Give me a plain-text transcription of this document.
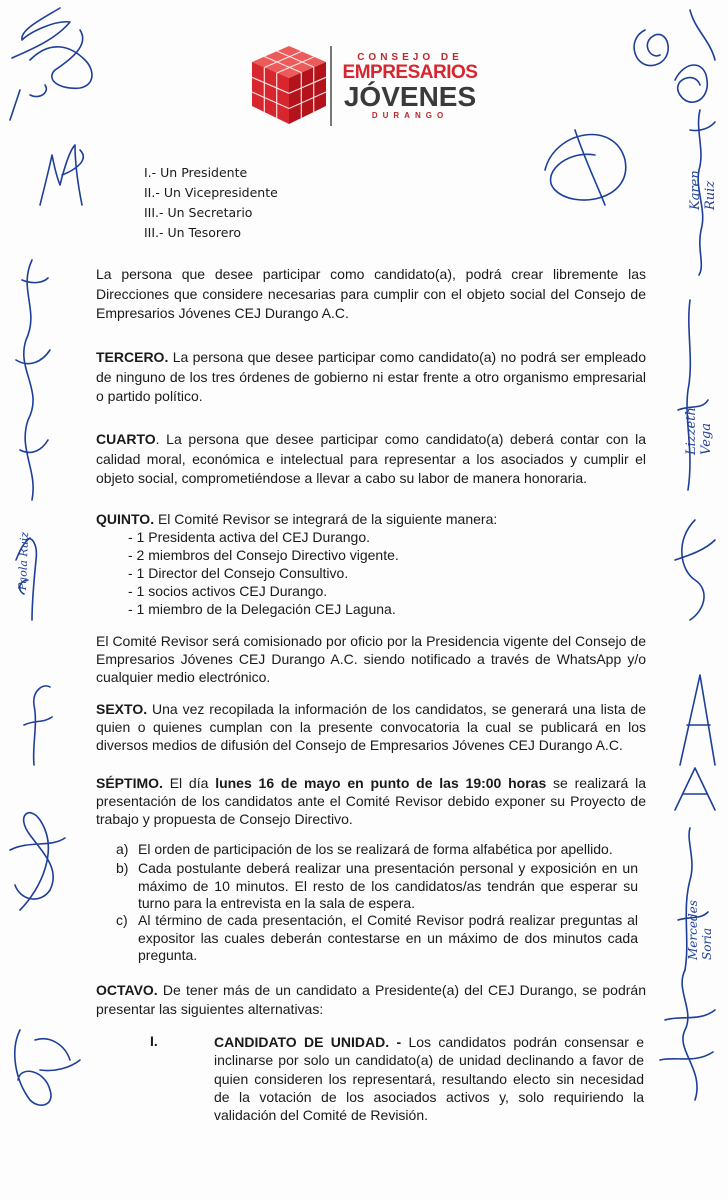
CONSEJO DE
EMPRESARIOS
JÓVENES
DURANGO
I.- Un Presidente
II.- Un Vicepresidente
III.- Un Secretario
III.- Un Tesorero
La persona que desee participar como candidato(a), podrá crear libremente las Direcciones que considere necesarias para cumplir con el objeto social del Consejo de Empresarios Jóvenes CEJ Durango A.C.
TERCERO. La persona que desee participar como candidato(a) no podrá ser empleado de ninguno de los tres órdenes de gobierno ni estar frente a otro organismo empresarial o partido político.
CUARTO. La persona que desee participar como candidato(a) deberá contar con la calidad moral, económica e intelectual para representar a los asociados y cumplir el objeto social, comprometiéndose a llevar a cabo su labor de manera honoraria.
QUINTO. El Comité Revisor se integrará de la siguiente manera:
- 1 Presidenta activa del CEJ Durango.
- 2 miembros del Consejo Directivo vigente.
- 1 Director del Consejo Consultivo.
- 1 socios activos CEJ Durango.
- 1 miembro de la Delegación CEJ Laguna.
El Comité Revisor será comisionado por oficio por la Presidencia vigente del Consejo de Empresarios Jóvenes CEJ Durango A.C. siendo notificado a través de WhatsApp y/o cualquier medio electrónico.
SEXTO. Una vez recopilada la información de los candidatos, se generará una lista de quien o quienes cumplan con la presente convocatoria la cual se publicará en los diversos medios de difusión del Consejo de Empresarios Jóvenes CEJ Durango A.C.
SÉPTIMO. El día lunes 16 de mayo en punto de las 19:00 horas se realizará la presentación de los candidatos ante el Comité Revisor debido exponer su Proyecto de trabajo y propuesta de Consejo Directivo.
a) El orden de participación de los se realizará de forma alfabética por apellido.
b) Cada postulante deberá realizar una presentación personal y exposición en un máximo de 10 minutos. El resto de los candidatos/as tendrán que esperar su turno para la entrevista en la sala de espera.
c) Al término de cada presentación, el Comité Revisor podrá realizar preguntas al expositor las cuales deberán contestarse en un máximo de dos minutos cada pregunta.
OCTAVO. De tener más de un candidato a Presidente(a) del CEJ Durango, se podrán presentar las siguientes alternativas:
I.	CANDIDATO DE UNIDAD. - Los candidatos podrán consensar e inclinarse por solo un candidato(a) de unidad declinando a favor de quien consideren los representará, resultando electo sin necesidad de la votación de los asociados activos y, solo requiriendo la validación del Comité de Revisión.
Paola Ruiz
Karen Ruiz
Lizzeth Vega
Mercedes Soria
